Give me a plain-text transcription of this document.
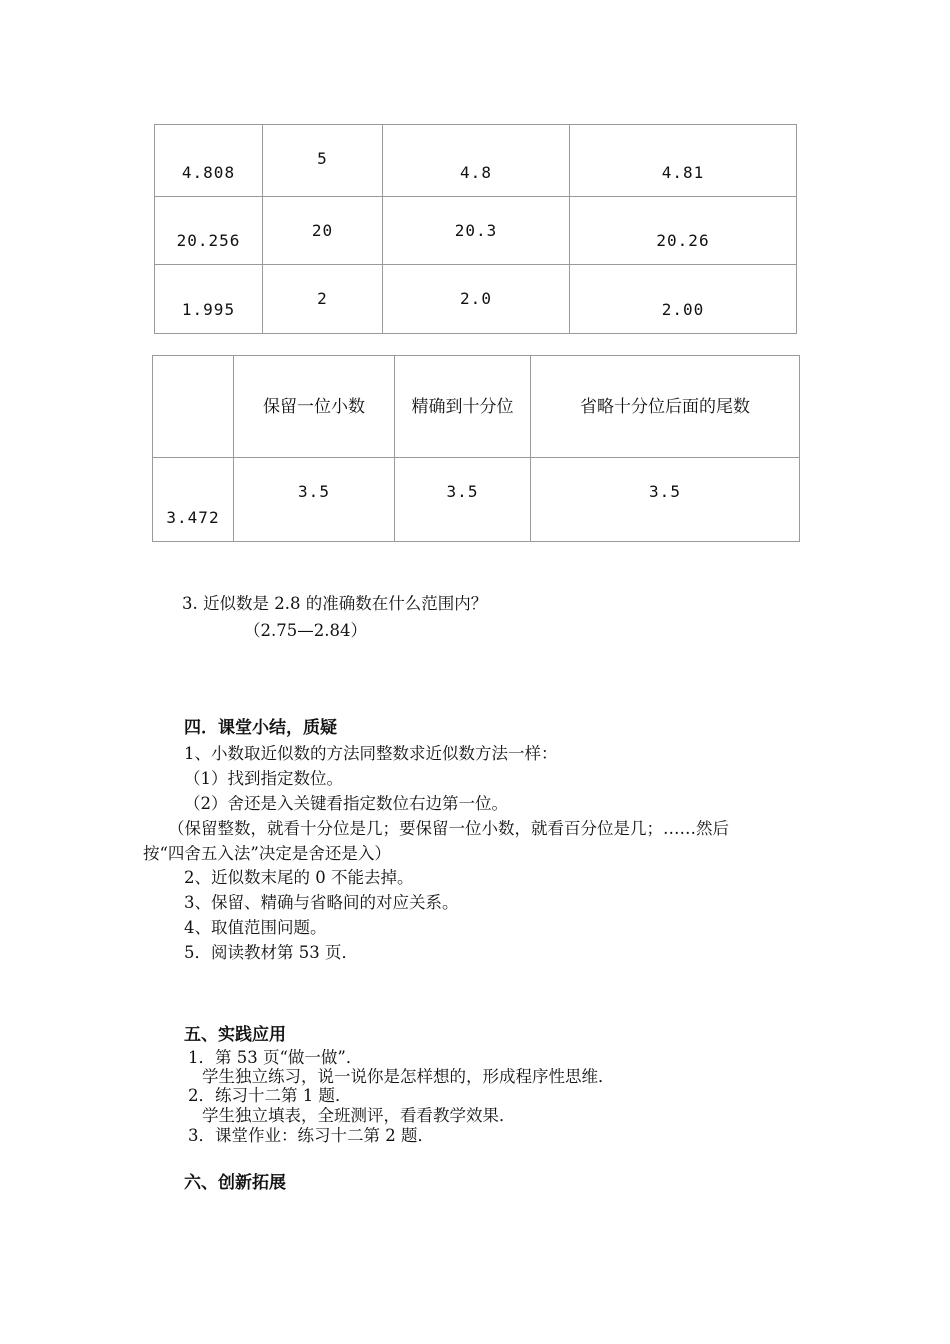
4.808	5	4.8	4.81
20.256	20	20.3	20.26
1.995	2	2.0	2.00
	保留一位小数	精确到十分位	省略十分位后面的尾数
3.472	3.5	3.5	3.5
3. 近似数是 2.8 的准确数在什么范围内？
（2.75—2.84）
四．课堂小结，质疑
1、小数取近似数的方法同整数求近似数方法一样：
（1）找到指定数位。
（2）舍还是入关键看指定数位右边第一位。
（保留整数，就看十分位是几；要保留一位小数，就看百分位是几；……然后
按“四舍五入法”决定是舍还是入）
2、近似数末尾的 0 不能去掉。
3、保留、精确与省略间的对应关系。
4、取值范围问题。
5．阅读教材第 53 页．
五、实践应用
1．第 53 页“做一做”．
学生独立练习，说一说你是怎样想的，形成程序性思维．
2．练习十二第 1 题．
学生独立填表，全班测评，看看教学效果．
3．课堂作业：练习十二第 2 题．
六、创新拓展
